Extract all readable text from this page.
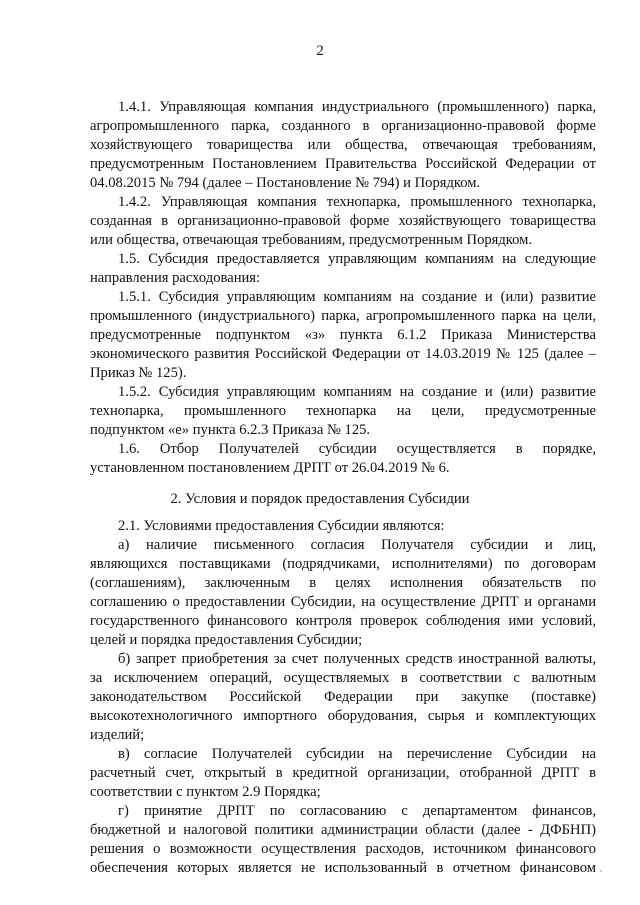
2

1.4.1. Управляющая компания индустриального (промышленного) парка,

агропромышленного парка, созданного в организационно-правовой форме

хозяйствующего товарищества или общества, отвечающая требованиям,

предусмотренным Постановлением Правительства Российской Федерации от

04.08.2015 № 794 (далее – Постановление № 794) и Порядком.

1.4.2. Управляющая компания технопарка, промышленного технопарка,

созданная в организационно-правовой форме хозяйствующего товарищества

или общества, отвечающая требованиям, предусмотренным Порядком.

1.5. Субсидия предоставляется управляющим компаниям на следующие

направления расходования:

1.5.1. Субсидия управляющим компаниям на создание и (или) развитие

промышленного (индустриального) парка, агропромышленного парка на цели,

предусмотренные подпунктом «з» пункта 6.1.2 Приказа Министерства

экономического развития Российской Федерации от 14.03.2019 № 125 (далее –

Приказ № 125).

1.5.2. Субсидия управляющим компаниям на создание и (или) развитие

технопарка, промышленного технопарка на цели, предусмотренные

подпунктом «е» пункта 6.2.3 Приказа № 125.

1.6. Отбор Получателей субсидии осуществляется в порядке,

установленном постановлением ДРПТ от 26.04.2019 № 6.

2. Условия и порядок предоставления Субсидии

2.1. Условиями предоставления Субсидии являются:

а) наличие письменного согласия Получателя субсидии и лиц,

являющихся поставщиками (подрядчиками, исполнителями) по договорам

(соглашениям), заключенным в целях исполнения обязательств по

соглашению о предоставлении Субсидии, на осуществление ДРПТ и органами

государственного финансового контроля проверок соблюдения ими условий,

целей и порядка предоставления Субсидии;

б) запрет приобретения за счет полученных средств иностранной валюты,

за исключением операций, осуществляемых в соответствии с валютным

законодательством Российской Федерации при закупке (поставке)

высокотехнологичного импортного оборудования, сырья и комплектующих

изделий;

в) согласие Получателей субсидии на перечисление Субсидии на

расчетный счет, открытый в кредитной организации, отобранной ДРПТ в

соответствии с пунктом 2.9 Порядка;

г) принятие ДРПТ по согласованию с департаментом финансов,

бюджетной и налоговой политики администрации области (далее - ДФБНП)

решения о возможности осуществления расходов, источником финансового

обеспечения которых является не использованный в отчетном финансовом
